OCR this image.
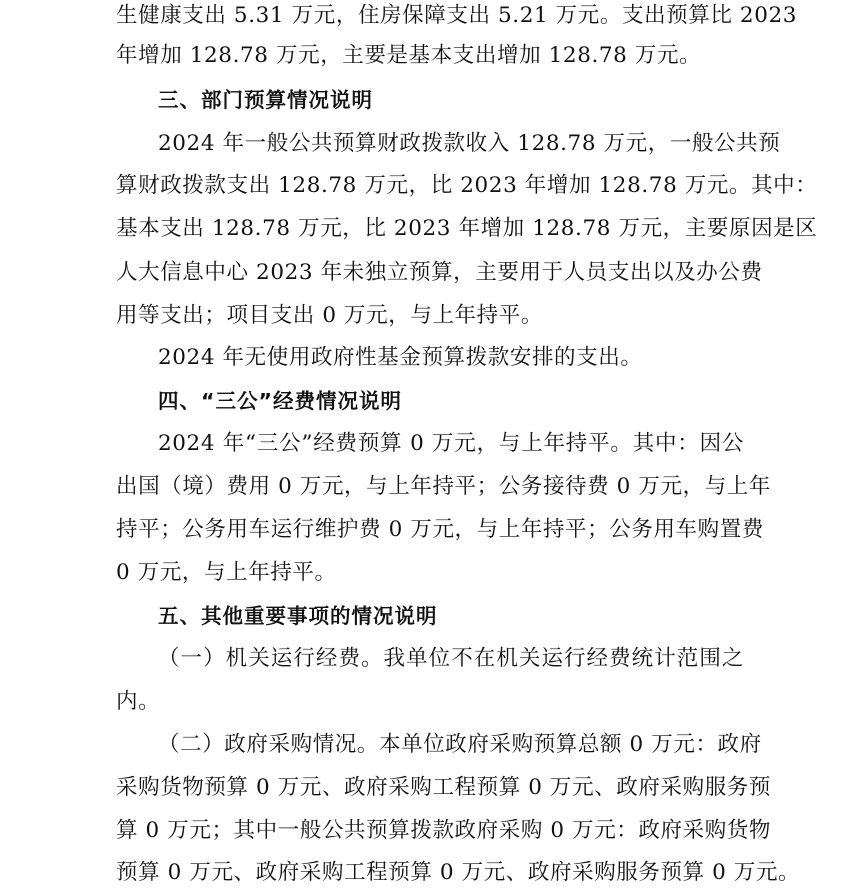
生健康支出 5.31 万元，住房保障支出 5.21 万元。支出预算比 2023
年增加 128.78 万元，主要是基本支出增加 128.78 万元。
三、部门预算情况说明
2024 年一般公共预算财政拨款收入 128.78 万元，一般公共预
算财政拨款支出 128.78 万元，比 2023 年增加 128.78 万元。其中：
基本支出 128.78 万元，比 2023 年增加 128.78 万元，主要原因是区
人大信息中心 2023 年未独立预算，主要用于人员支出以及办公费
用等支出；项目支出 0 万元，与上年持平。
2024 年无使用政府性基金预算拨款安排的支出。
四、“三公”经费情况说明
2024 年“三公”经费预算 0 万元，与上年持平。其中：因公
出国（境）费用 0 万元，与上年持平；公务接待费 0 万元，与上年
持平；公务用车运行维护费 0 万元，与上年持平；公务用车购置费
0 万元，与上年持平。
五、其他重要事项的情况说明
（一）机关运行经费。我单位不在机关运行经费统计范围之
内。
（二）政府采购情况。本单位政府采购预算总额 0 万元：政府
采购货物预算 0 万元、政府采购工程预算 0 万元、政府采购服务预
算 0 万元；其中一般公共预算拨款政府采购 0 万元：政府采购货物
预算 0 万元、政府采购工程预算 0 万元、政府采购服务预算 0 万元。
